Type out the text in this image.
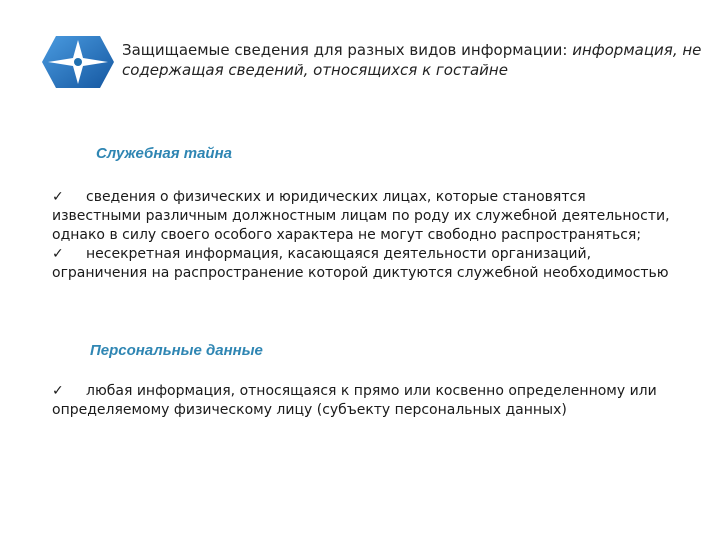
Защищаемые сведения для разных видов информации: информация, не содержащая сведений, относящихся к гостайне
Служебная тайна
✓ сведения о физических и юридических лицах, которые становятся известными различным должностным лицам по роду их служебной деятельности, однако в силу своего особого характера не могут свободно распространяться;
✓ несекретная информация, касающаяся деятельности организаций, ограничения на распространение которой диктуются служебной необходимостью
Персональные данные
✓ любая информация, относящаяся к прямо или косвенно определенному или определяемому физическому лицу (субъекту персональных данных)
